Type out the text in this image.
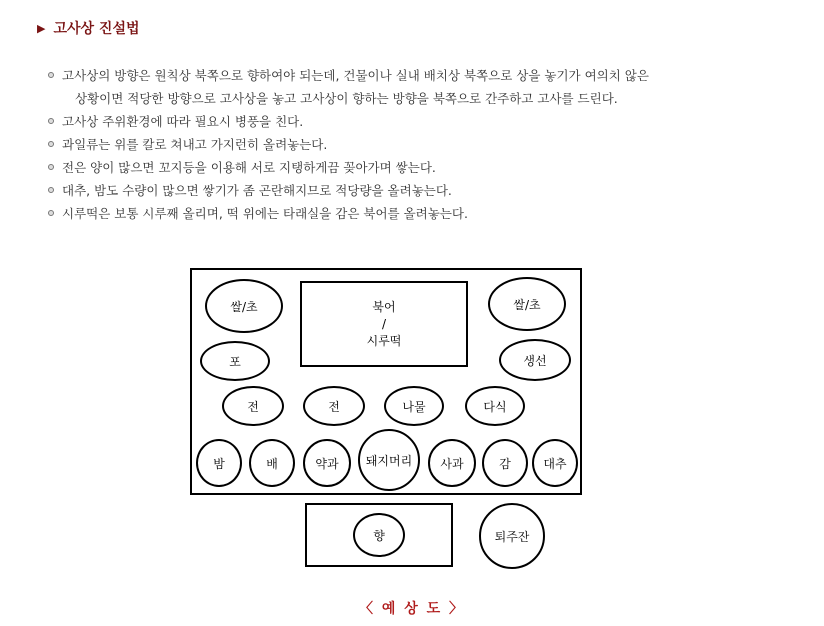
▶ 고사상 진설법
고사상의 방향은 원칙상 북쪽으로 향하여야 되는데, 건물이나 실내 배치상 북쪽으로 상을 놓기가 여의치 않은
상황이면 적당한 방향으로 고사상을 놓고 고사상이 향하는 방향을 북쪽으로 간주하고 고사를 드린다.
고사상 주위환경에 따라 필요시 병풍을 친다.
과일류는 위를 칼로 쳐내고 가지런히 올려놓는다.
전은 양이 많으면 꼬지등을 이용해 서로 지탱하게끔 꽂아가며 쌓는다.
대추, 밤도 수량이 많으면 쌓기가 좀 곤란해지므로 적당량을 올려놓는다.
시루떡은 보통 시루째 올리며, 떡 위에는 타래실을 감은 북어를 올려놓는다.
쌀/초	북어
/
시루떡
쌀/초
포	생선
전	전	나물	다식
밤	배	약과 돼지머리 사과	감	대추
향	퇴주잔
〈 예 상 도 〉
